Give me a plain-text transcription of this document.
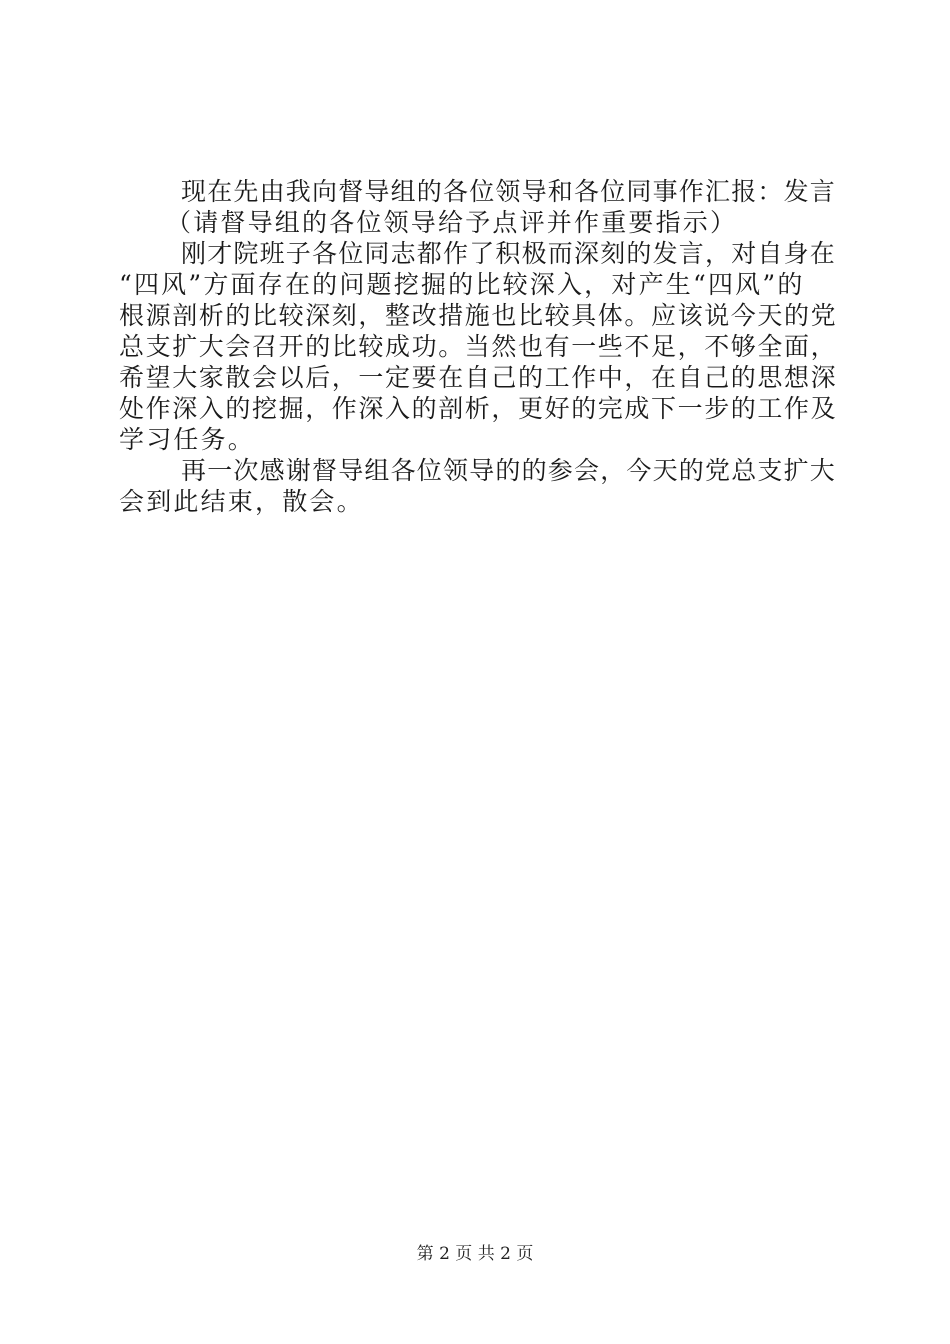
现在先由我向督导组的各位领导和各位同事作汇报：发言
（请督导组的各位领导给予点评并作重要指示）
刚才院班子各位同志都作了积极而深刻的发言，对自身在
“四风”方面存在的问题挖掘的比较深入，对产生“四风”的
根源剖析的比较深刻，整改措施也比较具体。应该说今天的党
总支扩大会召开的比较成功。当然也有一些不足，不够全面，
希望大家散会以后，一定要在自己的工作中，在自己的思想深
处作深入的挖掘，作深入的剖析，更好的完成下一步的工作及
学习任务。
再一次感谢督导组各位领导的的参会，今天的党总支扩大
会到此结束，散会。
第 2 页 共 2 页
